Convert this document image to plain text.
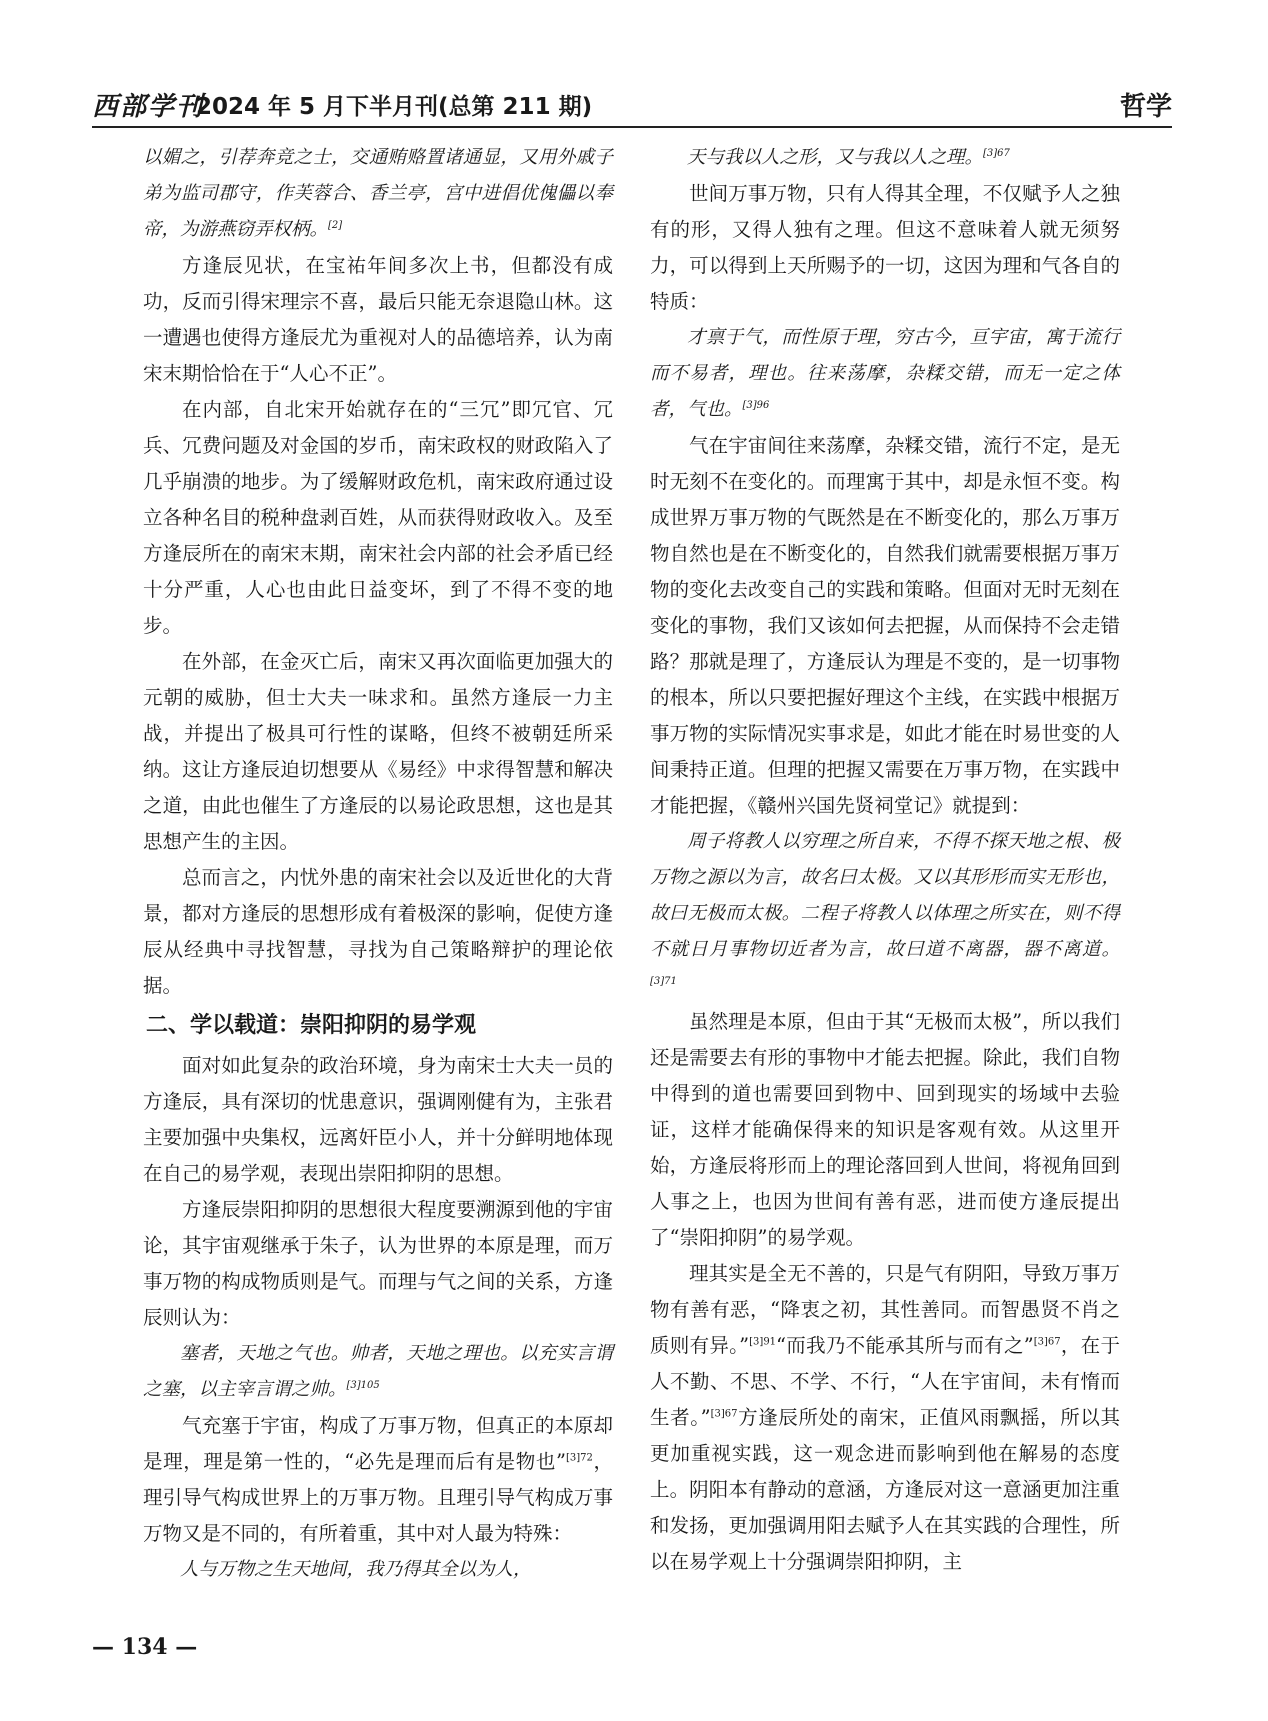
西部学刊
2024 年 5 月下半月刊(总第 211 期)	哲学

以媚之，引荐奔竞之士，交通贿赂置诸通显，又用外戚子弟为监司郡守，作芙蓉合、香兰亭，宫中进倡优傀儡以奉帝，为游燕窃弄权柄。[2]

方逢辰见状，在宝祐年间多次上书，但都没有成功，反而引得宋理宗不喜，最后只能无奈退隐山林。这一遭遇也使得方逢辰尤为重视对人的品德培养，认为南宋末期恰恰在于“人心不正”。

在内部，自北宋开始就存在的“三冗”即冗官、冗兵、冗费问题及对金国的岁币，南宋政权的财政陷入了几乎崩溃的地步。为了缓解财政危机，南宋政府通过设立各种名目的税种盘剥百姓，从而获得财政收入。及至方逢辰所在的南宋末期，南宋社会内部的社会矛盾已经十分严重，人心也由此日益变坏，到了不得不变的地步。

在外部，在金灭亡后，南宋又再次面临更加强大的元朝的威胁，但士大夫一味求和。虽然方逢辰一力主战，并提出了极具可行性的谋略，但终不被朝廷所采纳。这让方逢辰迫切想要从《易经》中求得智慧和解决之道，由此也催生了方逢辰的以易论政思想，这也是其思想产生的主因。

总而言之，内忧外患的南宋社会以及近世化的大背景，都对方逢辰的思想形成有着极深的影响，促使方逢辰从经典中寻找智慧，寻找为自己策略辩护的理论依据。

二、学以载道：崇阳抑阴的易学观

面对如此复杂的政治环境，身为南宋士大夫一员的方逢辰，具有深切的忧患意识，强调刚健有为，主张君主要加强中央集权，远离奸臣小人，并十分鲜明地体现在自己的易学观，表现出崇阳抑阴的思想。

方逢辰崇阳抑阴的思想很大程度要溯源到他的宇宙论，其宇宙观继承于朱子，认为世界的本原是理，而万事万物的构成物质则是气。而理与气之间的关系，方逢辰则认为：

塞者，天地之气也。帅者，天地之理也。以充实言谓之塞，以主宰言谓之帅。$^{[3]105}$

气充塞于宇宙，构成了万事万物，但真正的本原却是理，理是第一性的，“必先是理而后有是物也”$^{[3]72}$，理引导气构成世界上的万事万物。且理引导气构成万事万物又是不同的，有所着重，其中对人最为特殊：

人与万物之生天地间，我乃得其全以为人，

天与我以人之形，又与我以人之理。$^{[3]67}$

世间万事万物，只有人得其全理，不仅赋予人之独有的形，又得人独有之理。但这不意味着人就无须努力，可以得到上天所赐予的一切，这因为理和气各自的特质：

才禀于气，而性原于理，穷古今，亘宇宙，寓于流行而不易者，理也。往来荡摩，杂糅交错，而无一定之体者，气也。$^{[3]96}$

气在宇宙间往来荡摩，杂糅交错，流行不定，是无时无刻不在变化的。而理寓于其中，却是永恒不变。构成世界万事万物的气既然是在不断变化的，那么万事万物自然也是在不断变化的，自然我们就需要根据万事万物的变化去改变自己的实践和策略。但面对无时无刻在变化的事物，我们又该如何去把握，从而保持不会走错路？那就是理了，方逢辰认为理是不变的，是一切事物的根本，所以只要把握好理这个主线，在实践中根据万事万物的实际情况实事求是，如此才能在时易世变的人间秉持正道。但理的把握又需要在万事万物，在实践中才能把握，《赣州兴国先贤祠堂记》就提到：

周子将教人以穷理之所自来，不得不探天地之根、极万物之源以为言，故名曰太极。又以其形形而实无形也，故曰无极而太极。二程子将教人以体理之所实在，则不得不就日月事物切近者为言，故曰道不离器，器不离道。$^{[3]71}$

虽然理是本原，但由于其“无极而太极”，所以我们还是需要去有形的事物中才能去把握。除此，我们自物中得到的道也需要回到物中、回到现实的场域中去验证，这样才能确保得来的知识是客观有效。从这里开始，方逢辰将形而上的理论落回到人世间，将视角回到人事之上，也因为世间有善有恶，进而使方逢辰提出了“崇阳抑阴”的易学观。

理其实是全无不善的，只是气有阴阳，导致万事万物有善有恶，“降衷之初，其性善同。而智愚贤不肖之质则有异。”$^{[3]91}$“而我乃不能承其所与而有之”$^{[3]67}$，在于人不勤、不思、不学、不行，“人在宇宙间，未有惰而生者。”$^{[3]67}$方逢辰所处的南宋，正值风雨飘摇，所以其更加重视实践，这一观念进而影响到他在解易的态度上。阴阳本有静动的意涵，方逢辰对这一意涵更加注重和发扬，更加强调用阳去赋予人在其实践的合理性，所以在易学观上十分强调崇阳抑阴，主

— 134 —
